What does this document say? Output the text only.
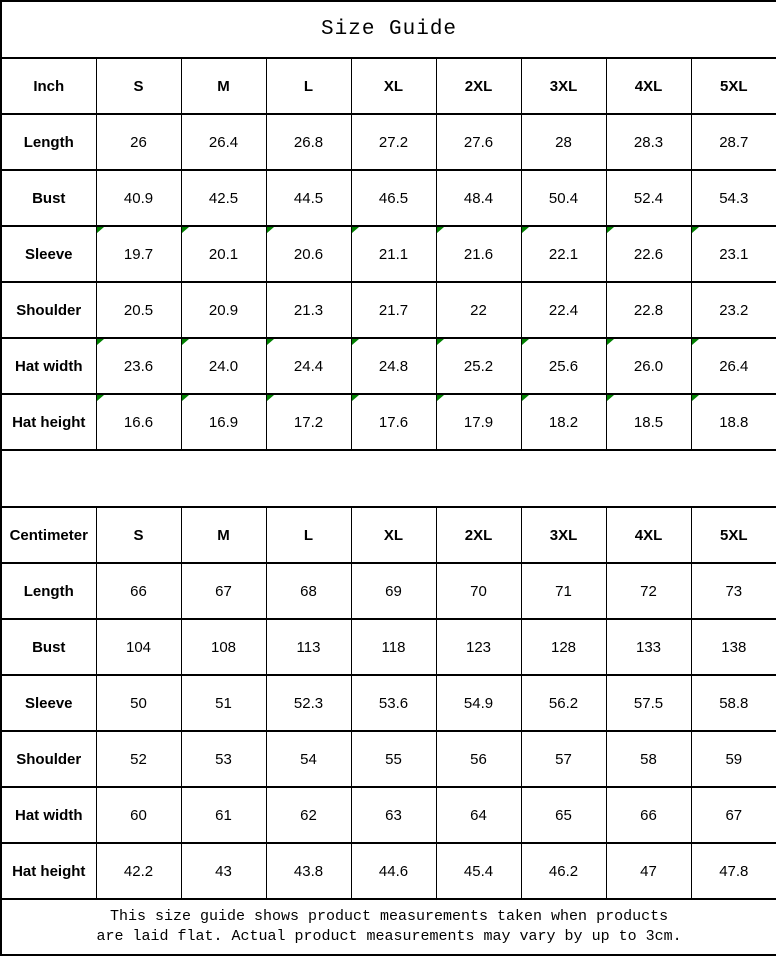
Size Guide								
Inch	S	M	L	XL	2XL	3XL	4XL	5XL
Length	26	26.4	26.8	27.2	27.6	28	28.3	28.7
Bust	40.9	42.5	44.5	46.5	48.4	50.4	52.4	54.3
Sleeve	19.7	20.1	20.6	21.1	21.6	22.1	22.6	23.1

Shoulder	20.5	20.9	21.3	21.7	22	22.4	22.8	23.2
Hat width	23.6	24.0	24.4	24.8	25.2	25.6	26.0	26.4

Hat height	16.6	16.9	17.2	17.6	17.9	18.2	18.5	18.8

Centimeter	S	M	L	XL	2XL	3XL	4XL	5XL
Length	66	67	68	69	70	71	72	73
Bust	104	108	113	118	123	128	133	138
Sleeve	50	51	52.3	53.6	54.9	56.2	57.5	58.8
Shoulder	52	53	54	55	56	57	58	59
Hat width	60	61	62	63	64	65	66	67
Hat height	42.2	43	43.8	44.6	45.4	46.2	47	47.8

This size guide shows product measurements taken when products
are laid flat. Actual product measurements may vary by up to 3cm.								
